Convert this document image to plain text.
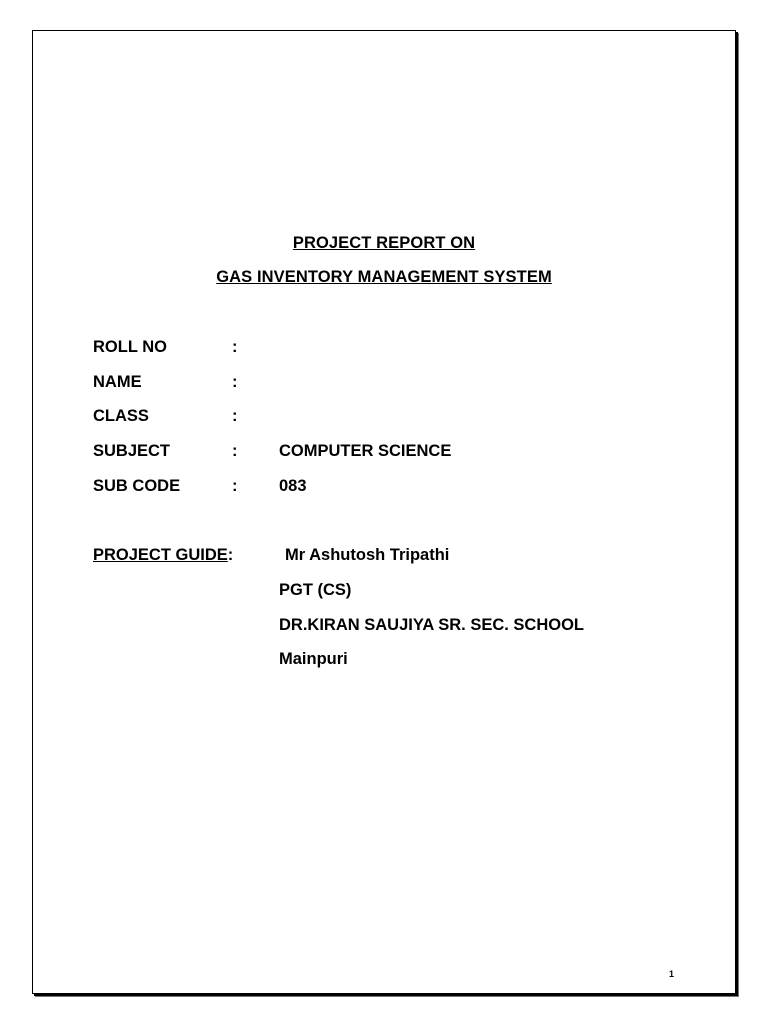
PROJECT REPORT ON
GAS INVENTORY MANAGEMENT SYSTEM
ROLL NO	:
NAME	:
CLASS	:
SUBJECT	:	COMPUTER SCIENCE
SUB CODE	:	083
PROJECT GUIDE:	Mr Ashutosh Tripathi
PGT (CS)
DR.KIRAN SAUJIYA SR. SEC. SCHOOL
Mainpuri
1
